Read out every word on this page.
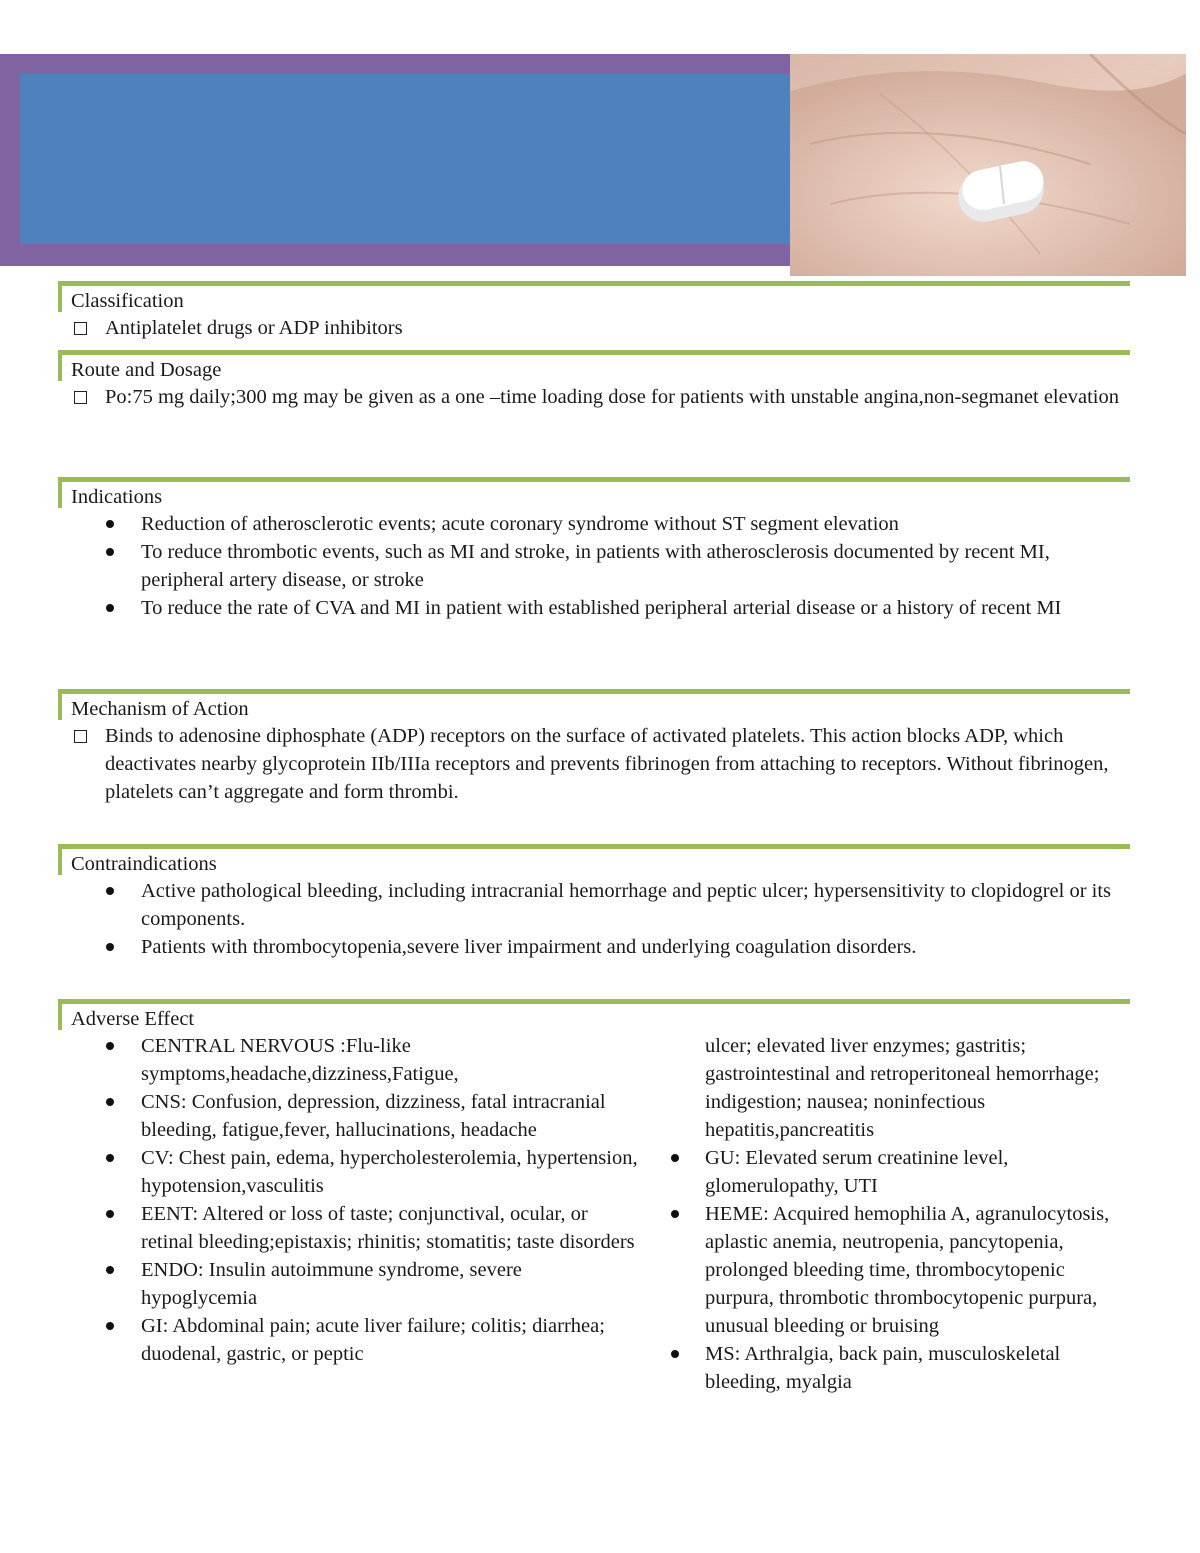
Classification
Antiplatelet drugs or ADP inhibitors
Route and Dosage
Po:75 mg daily;300 mg may be given as a one –time loading dose for patients with unstable angina,non-segmanet elevation
Indications
Reduction of atherosclerotic events; acute coronary syndrome without ST segment elevation
To reduce thrombotic events, such as MI and stroke, in patients with atherosclerosis documented by recent MI, peripheral artery disease, or stroke
To reduce the rate of CVA and MI in patient with established peripheral arterial disease or a history of recent MI
Mechanism of Action
Binds to adenosine diphosphate (ADP) receptors on the surface of activated platelets. This action blocks ADP, which deactivates nearby glycoprotein IIb/IIIa receptors and prevents fibrinogen from attaching to receptors. Without fibrinogen, platelets can’t aggregate and form thrombi.
Contraindications
Active pathological bleeding, including intracranial hemorrhage and peptic ulcer; hypersensitivity to clopidogrel or its components.
Patients with thrombocytopenia,severe liver impairment and underlying coagulation disorders.
Adverse Effect
CENTRAL NERVOUS :Flu-like symptoms,headache,dizziness,Fatigue,
CNS: Confusion, depression, dizziness, fatal intracranial bleeding, fatigue,fever, hallucinations, headache
CV: Chest pain, edema, hypercholesterolemia, hypertension, hypotension,vasculitis
EENT: Altered or loss of taste; conjunctival, ocular, or retinal bleeding;epistaxis; rhinitis; stomatitis; taste disorders
ENDO: Insulin autoimmune syndrome, severe hypoglycemia
GI: Abdominal pain; acute liver failure; colitis; diarrhea; duodenal, gastric, or peptic
ulcer; elevated liver enzymes; gastritis; gastrointestinal and retroperitoneal hemorrhage; indigestion; nausea; noninfectious hepatitis,pancreatitis
GU: Elevated serum creatinine level, glomerulopathy, UTI
HEME: Acquired hemophilia A, agranulocytosis, aplastic anemia, neutropenia, pancytopenia, prolonged bleeding time, thrombocytopenic purpura, thrombotic thrombocytopenic purpura, unusual bleeding or bruising
MS: Arthralgia, back pain, musculoskeletal bleeding, myalgia
